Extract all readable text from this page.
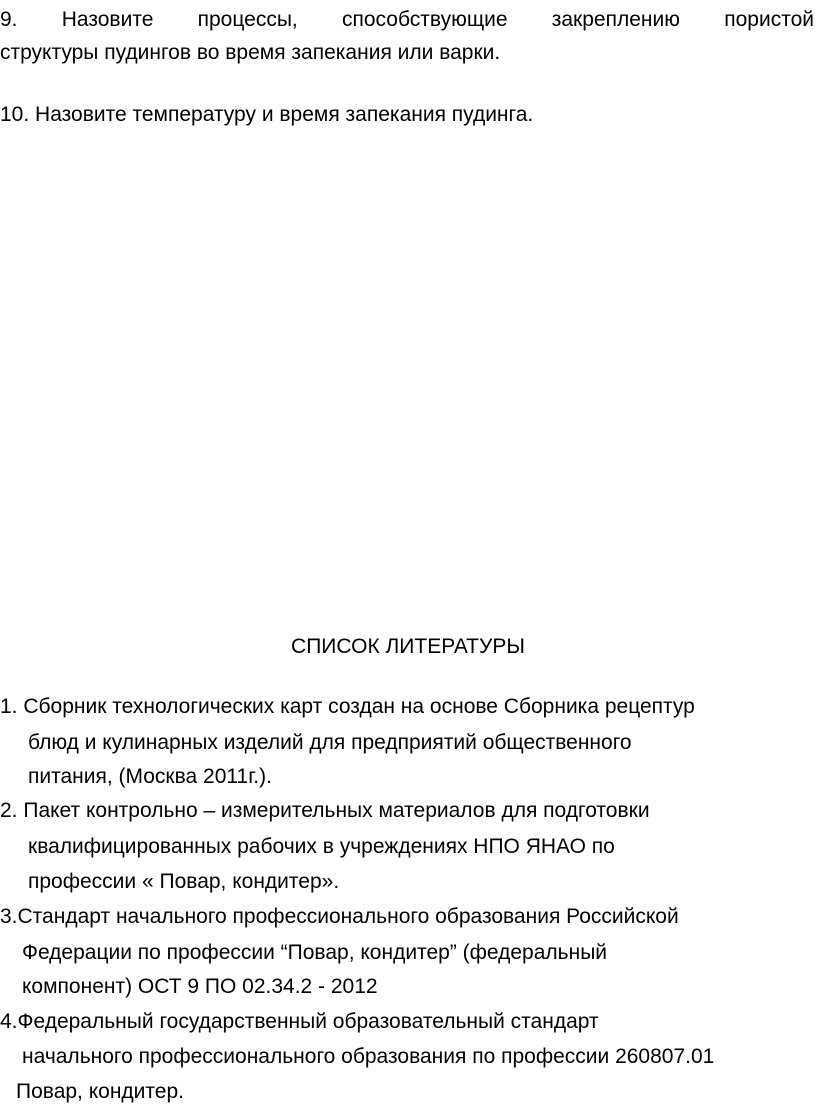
9. Назовите процессы, способствующие закреплению пористой
структуры пудингов во время запекания или варки.
10. Назовите температуру и время запекания пудинга.
СПИСОК ЛИТЕРАТУРЫ
1. Сборник технологических карт создан на основе Сборника рецептур
блюд и кулинарных изделий для предприятий общественного
питания, (Москва 2011г.).
2. Пакет контрольно – измерительных материалов для подготовки
квалифицированных рабочих в учреждениях НПО ЯНАО по
профессии « Повар, кондитер».
3.Стандарт начального профессионального образования Российской
Федерации по профессии “Повар, кондитер” (федеральный
компонент) ОСТ 9 ПО 02.34.2 - 2012
4.Федеральный государственный образовательный стандарт
начального профессионального образования по профессии 260807.01
Повар, кондитер.
